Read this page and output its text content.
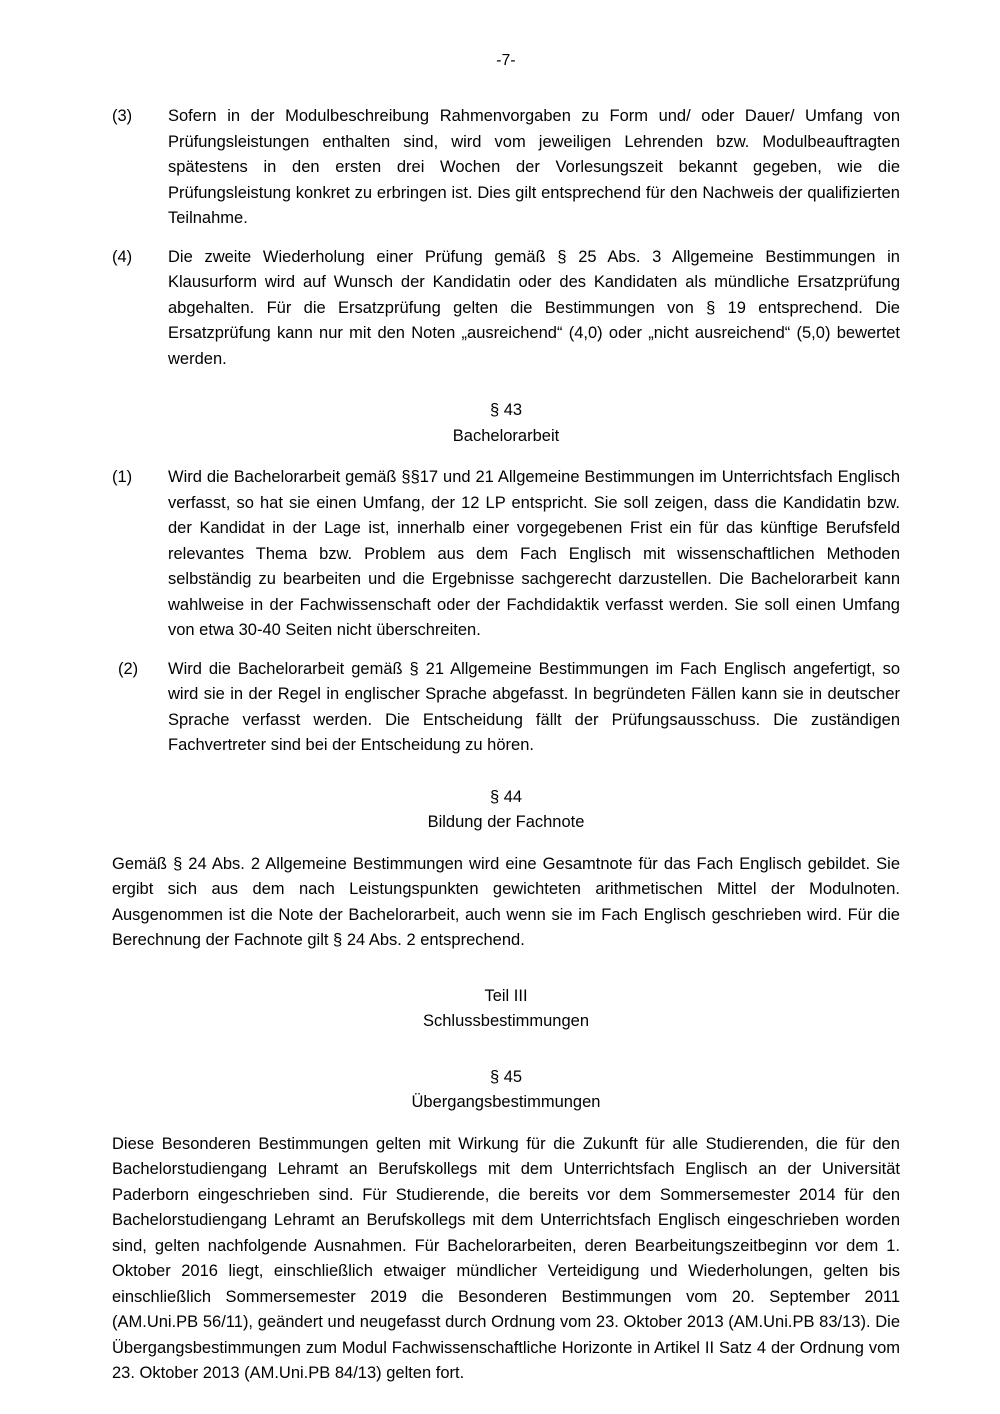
-7-
(3)	Sofern in der Modulbeschreibung Rahmenvorgaben zu Form und/ oder Dauer/ Umfang von Prüfungsleistungen enthalten sind, wird vom jeweiligen Lehrenden bzw. Modulbeauftragten spätestens in den ersten drei Wochen der Vorlesungszeit bekannt gegeben, wie die Prüfungsleistung konkret zu erbringen ist. Dies gilt entsprechend für den Nachweis der qualifizierten Teilnahme.
(4)	Die zweite Wiederholung einer Prüfung gemäß § 25 Abs. 3 Allgemeine Bestimmungen in Klausurform wird auf Wunsch der Kandidatin oder des Kandidaten als mündliche Ersatzprüfung abgehalten. Für die Ersatzprüfung gelten die Bestimmungen von § 19 entsprechend. Die Ersatzprüfung kann nur mit den Noten „ausreichend“ (4,0) oder „nicht ausreichend“ (5,0) bewertet werden.
§ 43
Bachelorarbeit
(1)	Wird die Bachelorarbeit gemäß §§17 und 21 Allgemeine Bestimmungen im Unterrichtsfach Englisch verfasst, so hat sie einen Umfang, der 12 LP entspricht. Sie soll zeigen, dass die Kandidatin bzw. der Kandidat in der Lage ist, innerhalb einer vorgegebenen Frist ein für das künftige Berufsfeld relevantes Thema bzw. Problem aus dem Fach Englisch mit wissenschaftlichen Methoden selbständig zu bearbeiten und die Ergebnisse sachgerecht darzustellen. Die Bachelorarbeit kann wahlweise in der Fachwissenschaft oder der Fachdidaktik verfasst werden. Sie soll einen Umfang von etwa 30-40 Seiten nicht überschreiten.
(2)	Wird die Bachelorarbeit gemäß § 21 Allgemeine Bestimmungen im Fach Englisch angefertigt, so wird sie in der Regel in englischer Sprache abgefasst. In begründeten Fällen kann sie in deutscher Sprache verfasst werden. Die Entscheidung fällt der Prüfungsausschuss. Die zuständigen Fachvertreter sind bei der Entscheidung zu hören.
§ 44
Bildung der Fachnote
Gemäß § 24 Abs. 2 Allgemeine Bestimmungen wird eine Gesamtnote für das Fach Englisch gebildet. Sie ergibt sich aus dem nach Leistungspunkten gewichteten arithmetischen Mittel der Modulnoten. Ausgenommen ist die Note der Bachelorarbeit, auch wenn sie im Fach Englisch geschrieben wird. Für die Berechnung der Fachnote gilt § 24 Abs. 2 entsprechend.
Teil III
Schlussbestimmungen
§ 45
Übergangsbestimmungen
Diese Besonderen Bestimmungen gelten mit Wirkung für die Zukunft für alle Studierenden, die für den Bachelorstudiengang Lehramt an Berufskollegs mit dem Unterrichtsfach Englisch an der Universität Paderborn eingeschrieben sind. Für Studierende, die bereits vor dem Sommersemester 2014 für den Bachelorstudiengang Lehramt an Berufskollegs mit dem Unterrichtsfach Englisch eingeschrieben worden sind, gelten nachfolgende Ausnahmen. Für Bachelorarbeiten, deren Bearbeitungszeitbeginn vor dem 1. Oktober 2016 liegt, einschließlich etwaiger mündlicher Verteidigung und Wiederholungen, gelten bis einschließlich Sommersemester 2019 die Besonderen Bestimmungen vom 20. September 2011 (AM.Uni.PB 56/11), geändert und neugefasst durch Ordnung vom 23. Oktober 2013 (AM.Uni.PB 83/13). Die Übergangsbestimmungen zum Modul Fachwissenschaftliche Horizonte in Artikel II Satz 4 der Ordnung vom 23. Oktober 2013 (AM.Uni.PB 84/13) gelten fort.
